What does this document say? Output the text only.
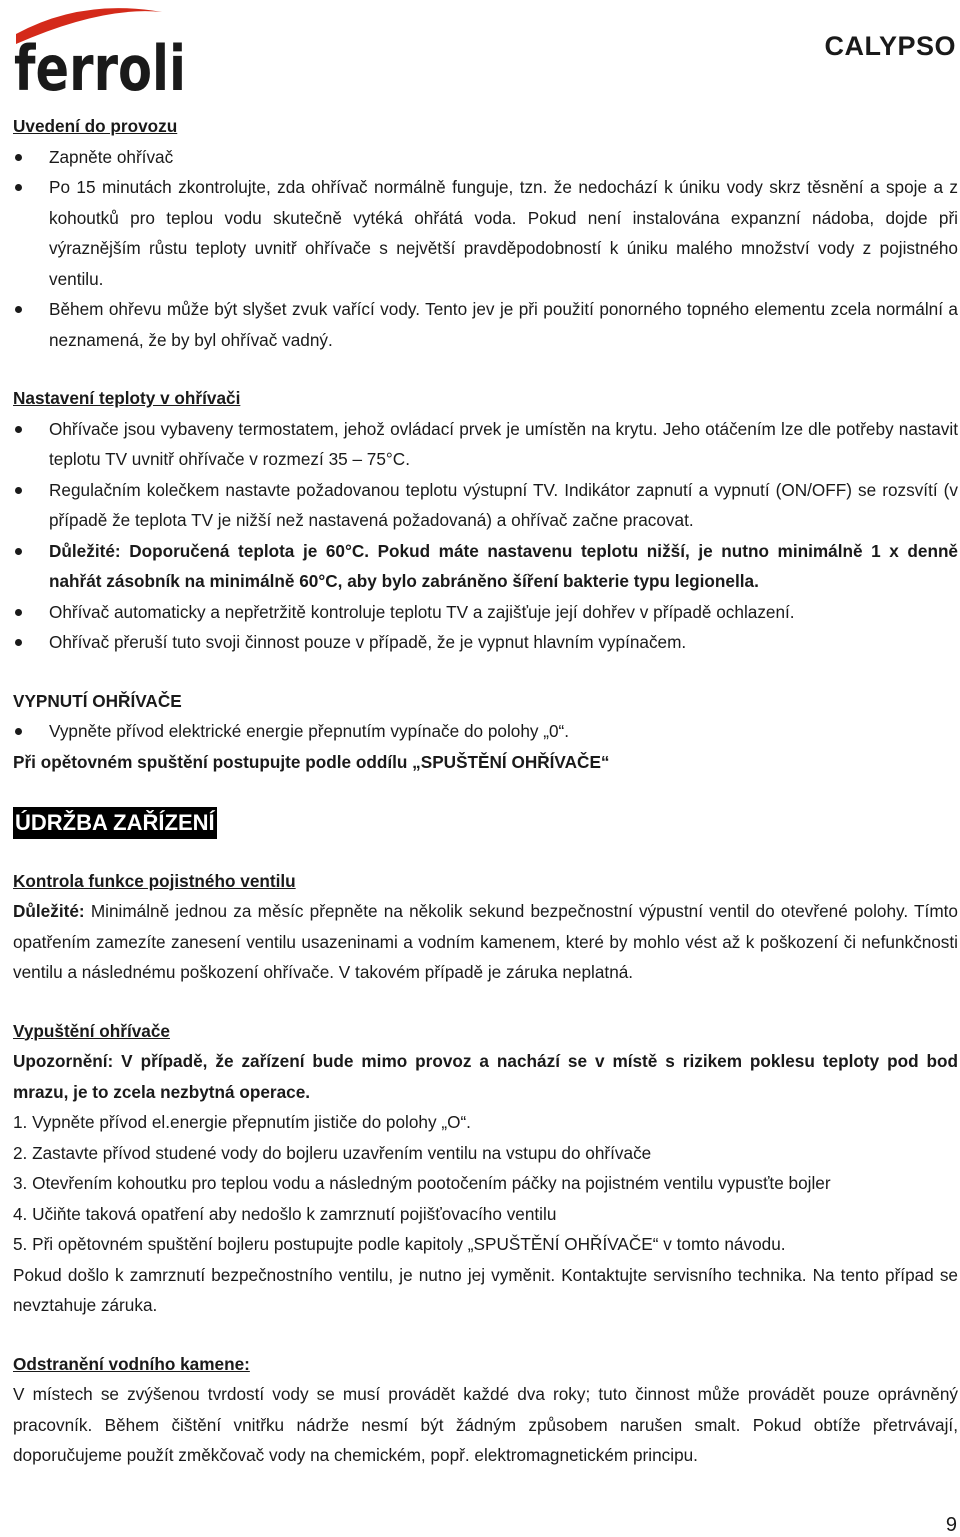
ferroli	CALYPSO
Uvedení do provozu
Zapněte ohřívač
Po 15 minutách zkontrolujte, zda ohřívač normálně funguje, tzn. že nedochází k úniku vody skrz těsnění a spoje a z kohoutků pro teplou vodu skutečně vytéká ohřátá voda. Pokud není instalována expanzní nádoba, dojde při výraznějším růstu teploty uvnitř ohřívače s největší pravděpodobností k úniku malého množství vody z pojistného ventilu.
Během ohřevu může být slyšet zvuk vařící vody. Tento jev je při použití ponorného topného elementu zcela normální a neznamená, že by byl ohřívač vadný.
Nastavení teploty v ohřívači
Ohřívače jsou vybaveny termostatem, jehož ovládací prvek je umístěn na krytu. Jeho otáčením lze dle potřeby nastavit teplotu TV uvnitř ohřívače v rozmezí 35 – 75°C.
Regulačním kolečkem nastavte požadovanou teplotu výstupní TV. Indikátor zapnutí a vypnutí (ON/OFF) se rozsvítí (v případě že teplota TV je nižší než nastavená požadovaná) a ohřívač začne pracovat.
Důležité: Doporučená teplota je 60°C. Pokud máte nastavenu teplotu nižší, je nutno minimálně 1 x denně nahřát zásobník na minimálně 60°C, aby bylo zabráněno šíření bakterie typu legionella.
Ohřívač automaticky a nepřetržitě kontroluje teplotu TV a zajišťuje její dohřev v případě ochlazení.
Ohřívač přeruší tuto svoji činnost pouze v případě, že je vypnut hlavním vypínačem.
VYPNUTÍ OHŘÍVAČE
Vypněte přívod elektrické energie přepnutím vypínače do polohy „0“.
Při opětovném spuštění postupujte podle oddílu „SPUŠTĚNÍ OHŘÍVAČE“
ÚDRŽBA ZAŘÍZENÍ
Kontrola funkce pojistného ventilu
Důležité: Minimálně jednou za měsíc přepněte na několik sekund bezpečnostní výpustní ventil do otevřené polohy. Tímto opatřením zamezíte zanesení ventilu usazeninami a vodním kamenem, které by mohlo vést až k poškození či nefunkčnosti ventilu a následnému poškození ohřívače. V takovém případě je záruka neplatná.
Vypuštění ohřívače
Upozornění: V případě, že zařízení bude mimo provoz a nachází se v místě s rizikem poklesu teploty pod bod mrazu, je to zcela nezbytná operace.
1. Vypněte přívod el.energie přepnutím jističe do polohy „O“.
2. Zastavte přívod studené vody do bojleru uzavřením ventilu na vstupu do ohřívače
3. Otevřením kohoutku pro teplou vodu a následným pootočením páčky na pojistném ventilu vypusťte bojler
4. Učiňte taková opatření aby nedošlo k zamrznutí pojišťovacího ventilu
5. Při opětovném spuštění bojleru postupujte podle kapitoly „SPUŠTĚNÍ OHŘÍVAČE“ v tomto návodu.
Pokud došlo k zamrznutí bezpečnostního ventilu, je nutno jej vyměnit. Kontaktujte servisního technika. Na tento případ se nevztahuje záruka.
Odstranění vodního kamene:
V místech se zvýšenou tvrdostí vody se musí provádět každé dva roky; tuto činnost může provádět pouze oprávněný pracovník. Během čištění vnitřku nádrže nesmí být žádným způsobem narušen smalt. Pokud obtíže přetrvávají, doporučujeme použít změkčovač vody na chemickém, popř. elektromagnetickém principu.
9
